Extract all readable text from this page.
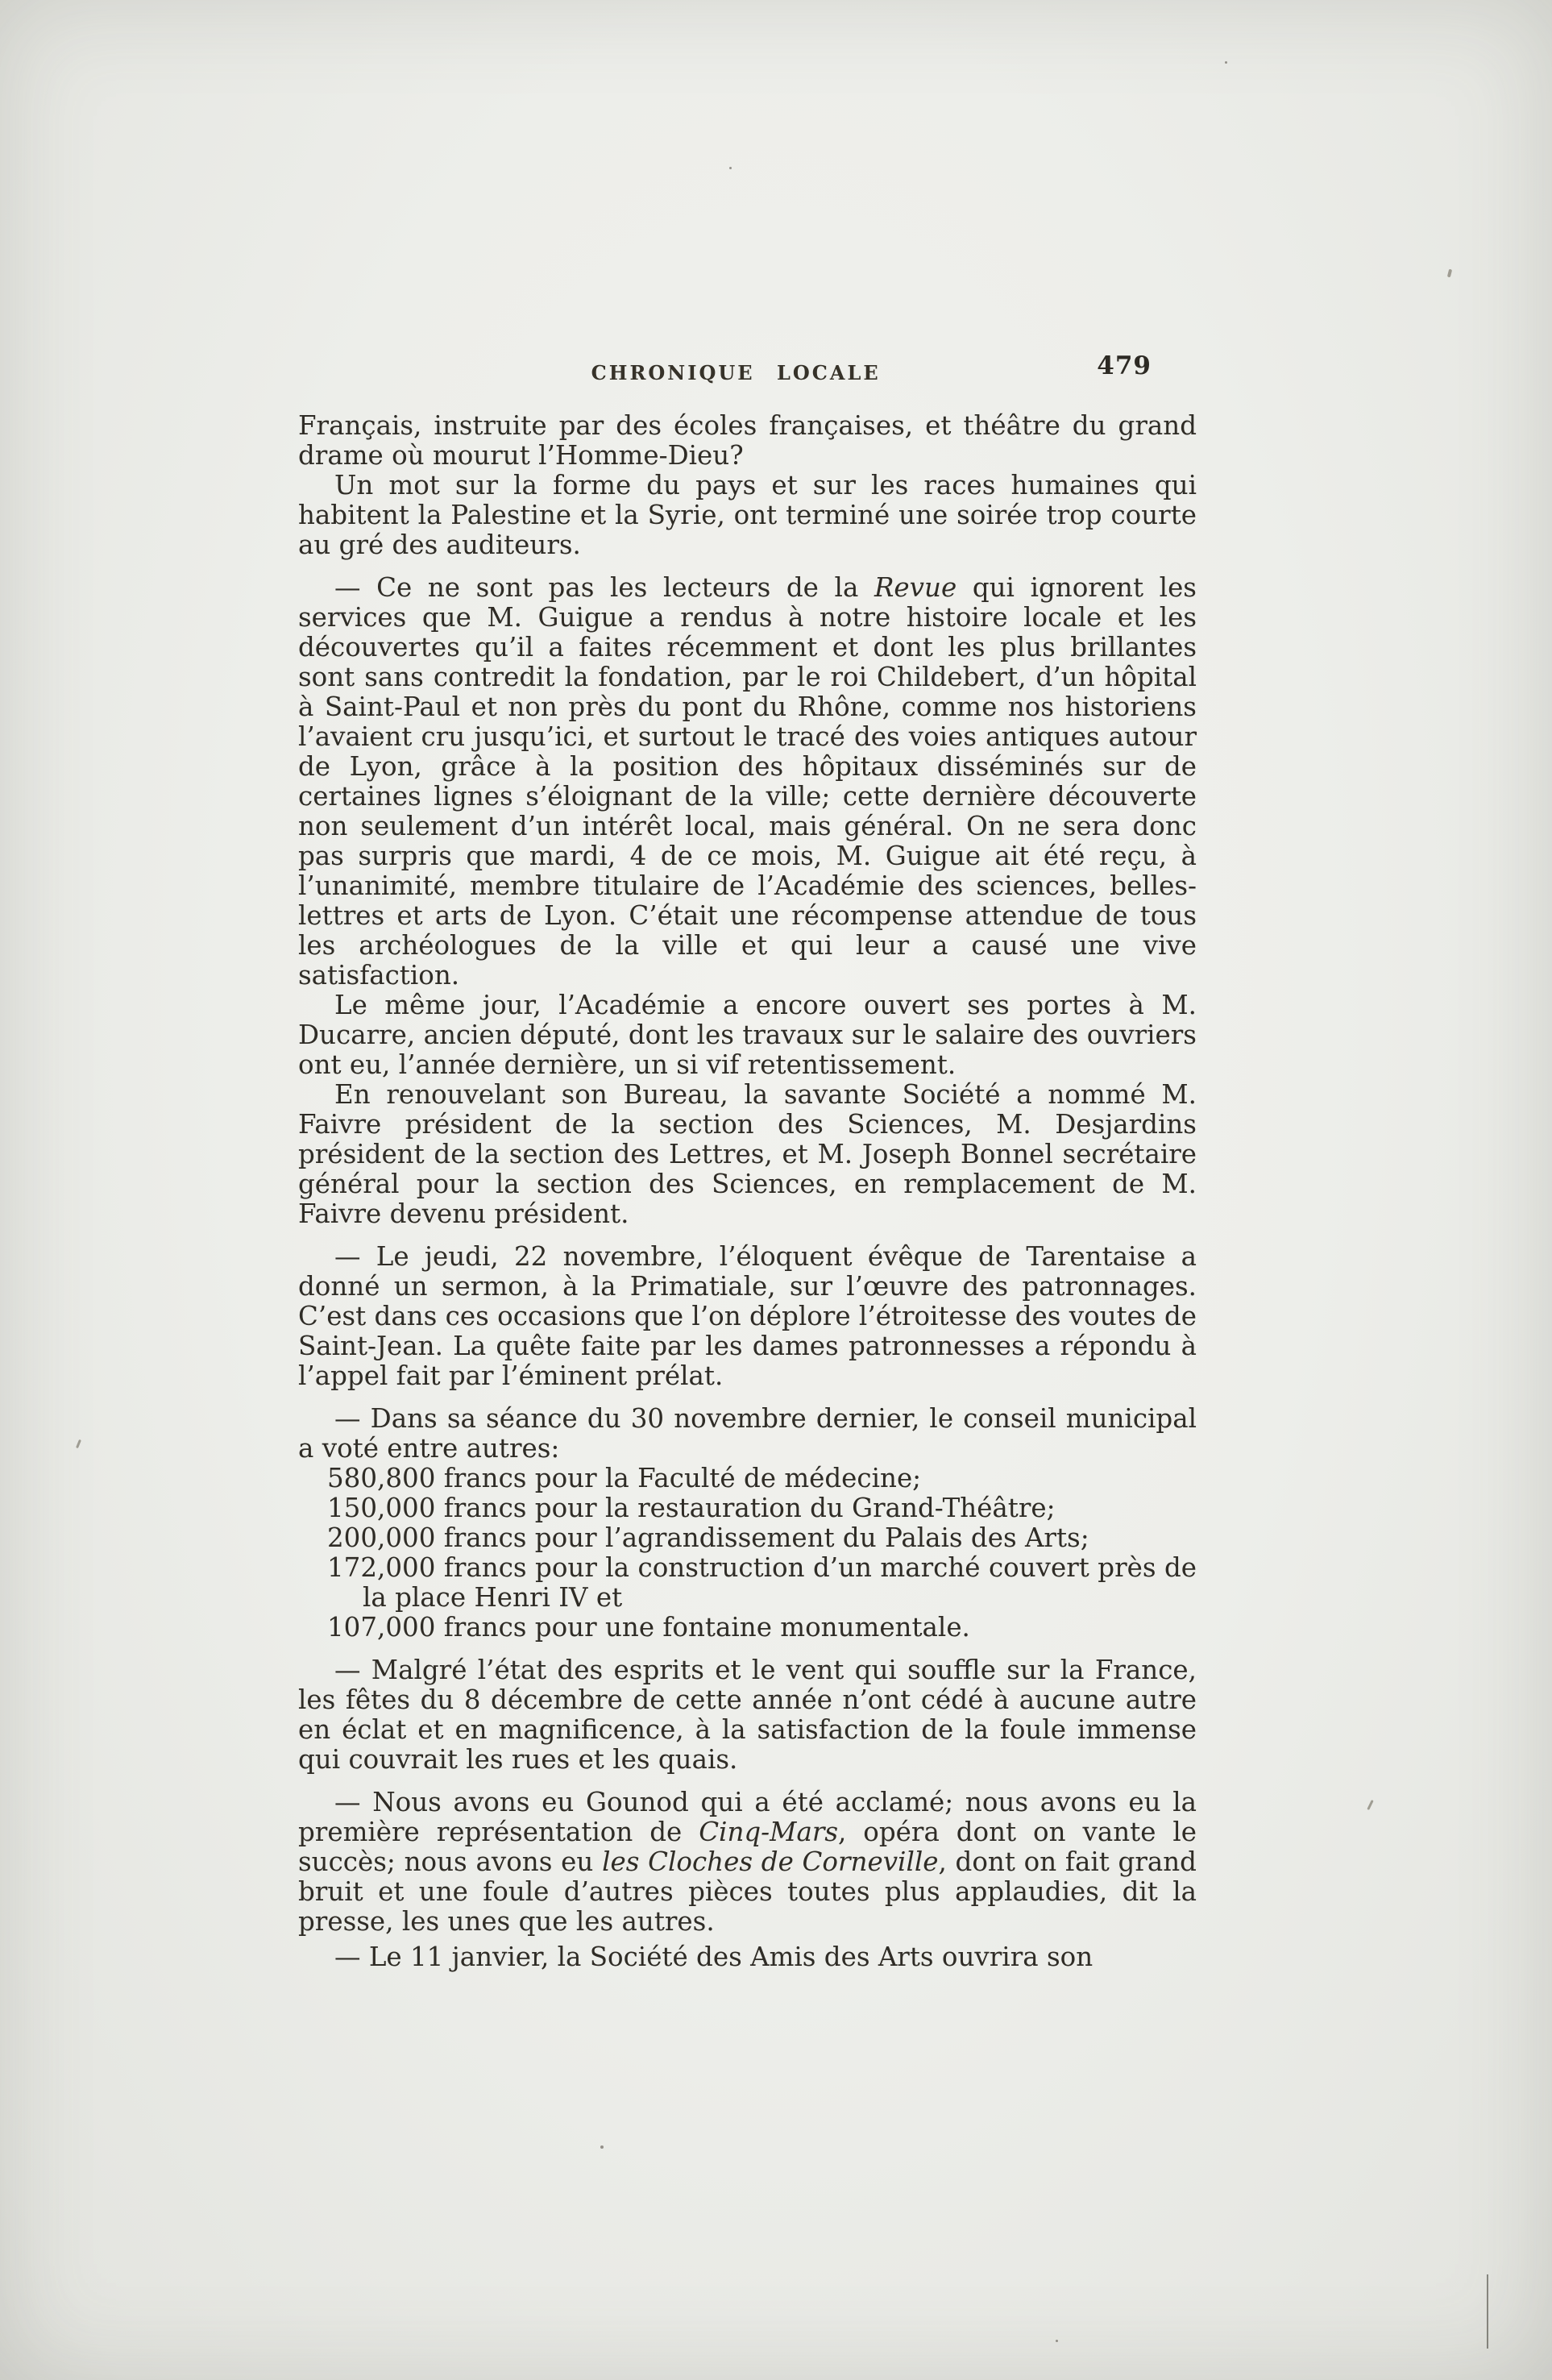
CHRONIQUE LOCALE	479

Français, instruite par des écoles françaises, et théâtre du grand drame où mourut l’Homme-Dieu?

Un mot sur la forme du pays et sur les races humaines qui habitent la Palestine et la Syrie, ont terminé une soirée trop courte au gré des auditeurs.

— Ce ne sont pas les lecteurs de la Revue qui ignorent les services que M. Guigue a rendus à notre histoire locale et les découvertes qu’il a faites récemment et dont les plus brillantes sont sans contredit la fondation, par le roi Childebert, d’un hôpital à Saint-Paul et non près du pont du Rhône, comme nos historiens l’avaient cru jusqu’ici, et surtout le tracé des voies antiques autour de Lyon, grâce à la position des hôpitaux disséminés sur de certaines lignes s’éloignant de la ville; cette dernière découverte non seulement d’un intérêt local, mais général. On ne sera donc pas surpris que mardi, 4 de ce mois, M. Guigue ait été reçu, à l’unanimité, membre titulaire de l’Académie des sciences, belles-lettres et arts de Lyon. C’était une récompense attendue de tous les archéologues de la ville et qui leur a causé une vive satisfaction.

Le même jour, l’Académie a encore ouvert ses portes à M. Ducarre, ancien député, dont les travaux sur le salaire des ouvriers ont eu, l’année dernière, un si vif retentissement.

En renouvelant son Bureau, la savante Société a nommé M. Faivre président de la section des Sciences, M. Desjardins président de la section des Lettres, et M. Joseph Bonnel secrétaire général pour la section des Sciences, en remplacement de M. Faivre devenu président.

— Le jeudi, 22 novembre, l’éloquent évêque de Tarentaise a donné un sermon, à la Primatiale, sur l’œuvre des patronnages. C’est dans ces occasions que l’on déplore l’étroitesse des voutes de Saint-Jean. La quête faite par les dames patronnesses a répondu à l’appel fait par l’éminent prélat.

— Dans sa séance du 30 novembre dernier, le conseil municipal a voté entre autres:

580,800 francs pour la Faculté de médecine;

150,000 francs pour la restauration du Grand-Théâtre;

200,000 francs pour l’agrandissement du Palais des Arts;

172,000 francs pour la construction d’un marché couvert près de la place Henri IV et

107,000 francs pour une fontaine monumentale.

— Malgré l’état des esprits et le vent qui souffle sur la France, les fêtes du 8 décembre de cette année n’ont cédé à aucune autre en éclat et en magnificence, à la satisfaction de la foule immense qui couvrait les rues et les quais.

— Nous avons eu Gounod qui a été acclamé; nous avons eu la première représentation de Cinq-Mars, opéra dont on vante le succès; nous avons eu les Cloches de Corneville, dont on fait grand bruit et une foule d’autres pièces toutes plus applaudies, dit la presse, les unes que les autres.

— Le 11 janvier, la Société des Amis des Arts ouvrira son
